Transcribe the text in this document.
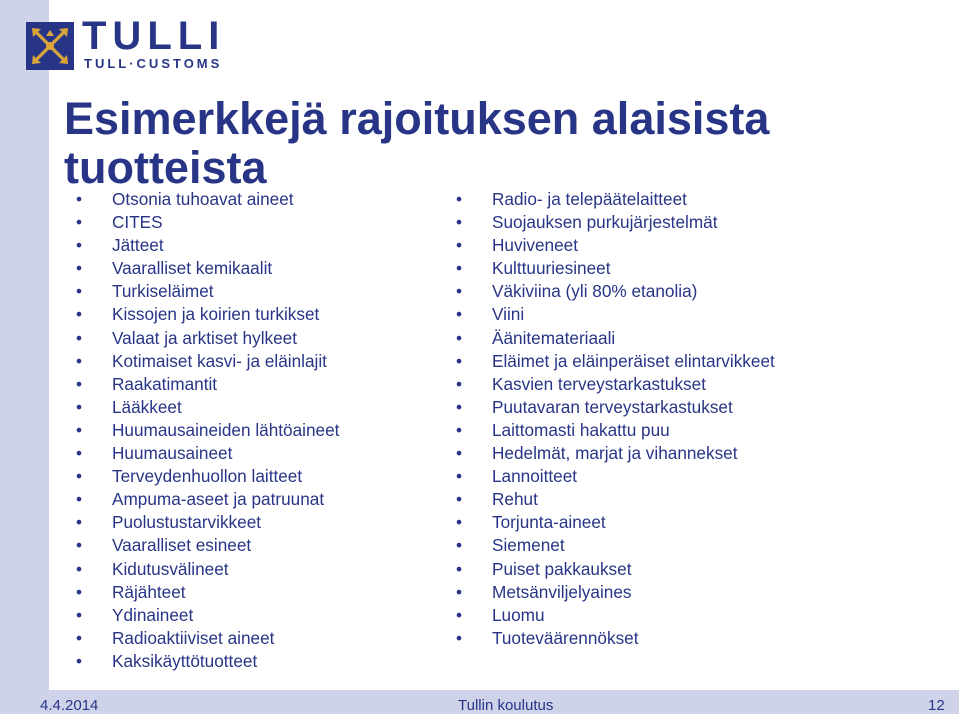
TULLI
TULL·CUSTOMS
Esimerkkejä rajoituksen alaisista tuotteista
• Otsonia tuhoavat aineet
• CITES
• Jätteet
• Vaaralliset kemikaalit
• Turkiseläimet
• Kissojen ja koirien turkikset
• Valaat ja arktiset hylkeet
• Kotimaiset kasvi- ja eläinlajit
• Raakatimantit
• Lääkkeet
• Huumausaineiden lähtöaineet
• Huumausaineet
• Terveydenhuollon laitteet
• Ampuma-aseet ja patruunat
• Puolustustarvikkeet
• Vaaralliset esineet
• Kidutusvälineet
• Räjähteet
• Ydinaineet
• Radioaktiiviset aineet
• Kaksikäyttötuotteet
• Radio- ja telepäätelaitteet
• Suojauksen purkujärjestelmät
• Huviveneet
• Kulttuuriesineet
• Väkiviina (yli 80% etanolia)
• Viini
• Äänitemateriaali
• Eläimet ja eläinperäiset elintarvikkeet
• Kasvien terveystarkastukset
• Puutavaran terveystarkastukset
• Laittomasti hakattu puu
• Hedelmät, marjat ja vihannekset
• Lannoitteet
• Rehut
• Torjunta-aineet
• Siemenet
• Puiset pakkaukset
• Metsänviljelyaines
• Luomu
• Tuoteväärennökset
4.4.2014	Tullin koulutus	12
